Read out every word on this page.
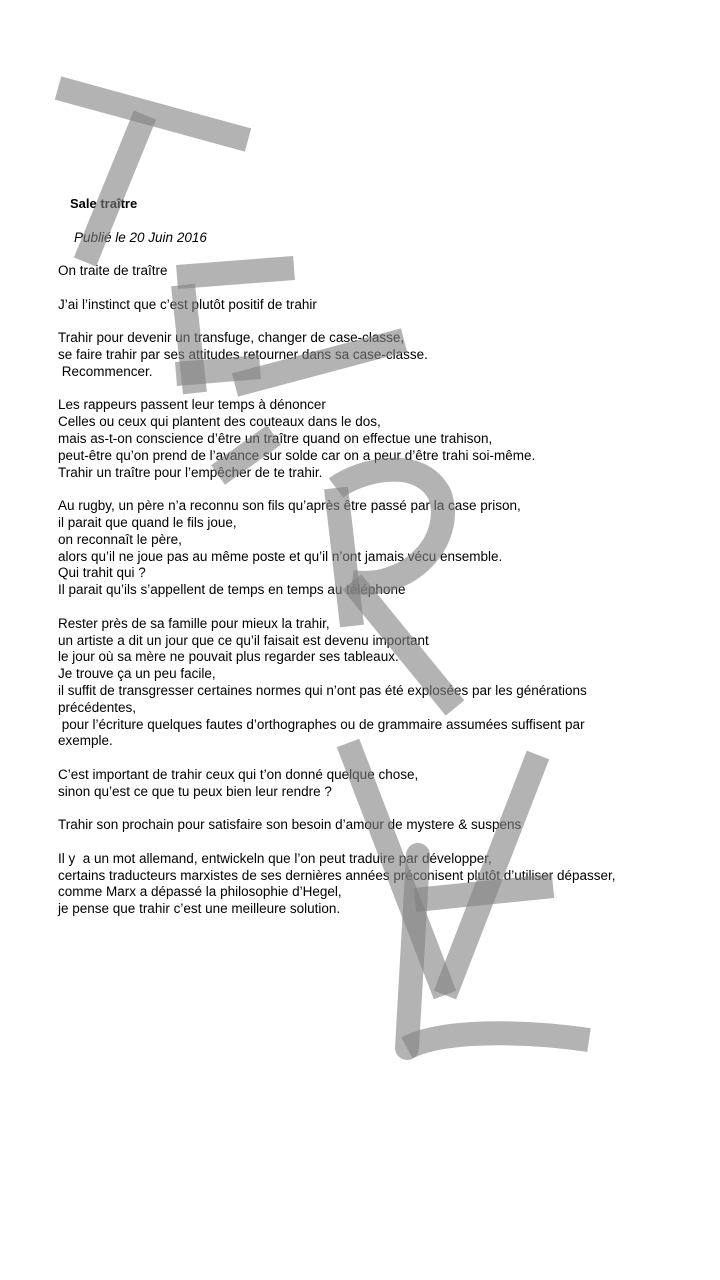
Sale traître
Publié le 20 Juin 2016

On traite de traître

J’ai l’instinct que c’est plutôt positif de trahir

Trahir pour devenir un transfuge, changer de case-classe,
se faire trahir par ses attitudes retourner dans sa case-classe.
Recommencer.

Les rappeurs passent leur temps à dénoncer
Celles ou ceux qui plantent des couteaux dans le dos,
mais as-t-on conscience d’être un traître quand on effectue une trahison,
peut-être qu’on prend de l’avance sur solde car on a peur d’être trahi soi-même.
Trahir un traître pour l’empêcher de te trahir.

Au rugby, un père n’a reconnu son fils qu’après être passé par la case prison,
il parait que quand le fils joue,
on reconnaît le père,
alors qu’il ne joue pas au même poste et qu’il n’ont jamais vécu ensemble.
Qui trahit qui ?
Il parait qu’ils s’appellent de temps en temps au téléphone

Rester près de sa famille pour mieux la trahir,
un artiste a dit un jour que ce qu’il faisait est devenu important
le jour où sa mère ne pouvait plus regarder ses tableaux.
Je trouve ça un peu facile,
il suffit de transgresser certaines normes qui n’ont pas été explosées par les générations précédentes,
pour l’écriture quelques fautes d’orthographes ou de grammaire assumées suffisent par exemple.

C’est important de trahir ceux qui t’on donné quelque chose,
sinon qu’est ce que tu peux bien leur rendre ?

Trahir son prochain pour satisfaire son besoin d’amour de mystere & suspens

Il y  a un mot allemand, entwickeln que l’on peut traduire par développer,
certains traducteurs marxistes de ses dernières années préconisent plutôt d’utiliser dépasser,
comme Marx a dépassé la philosophie d’Hegel,
je pense que trahir c’est une meilleure solution.
